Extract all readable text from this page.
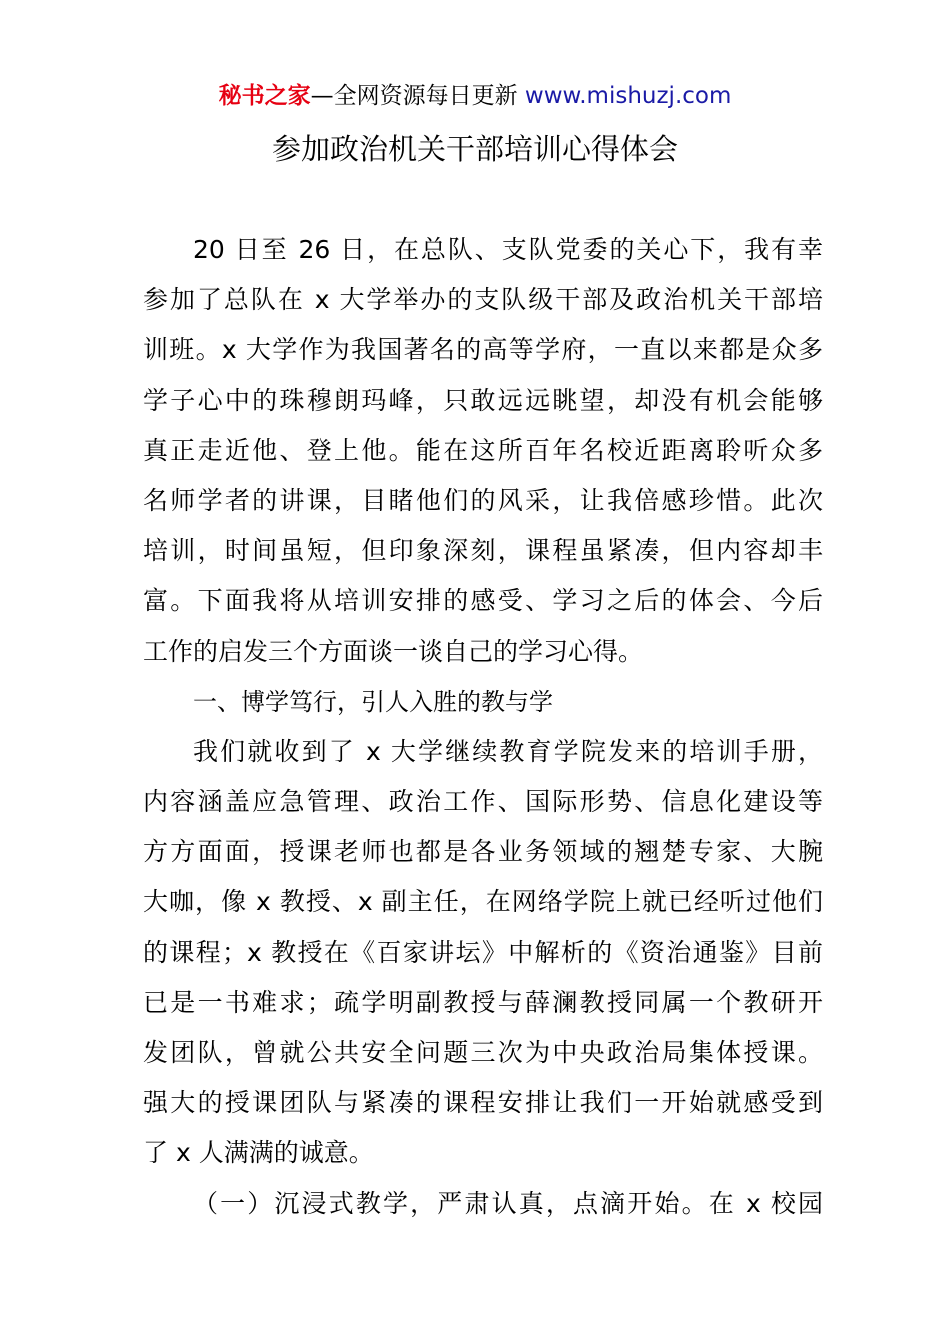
秘书之家—全网资源每日更新 www.mishuzj.com
参加政治机关干部培训心得体会
20 日至 26 日，在总队、支队党委的关心下，我有幸
参加了总队在 x 大学举办的支队级干部及政治机关干部培
训班。x 大学作为我国著名的高等学府，一直以来都是众多
学子心中的珠穆朗玛峰，只敢远远眺望，却没有机会能够
真正走近他、登上他。能在这所百年名校近距离聆听众多
名师学者的讲课，目睹他们的风采，让我倍感珍惜。此次
培训，时间虽短，但印象深刻，课程虽紧凑，但内容却丰
富。下面我将从培训安排的感受、学习之后的体会、今后
工作的启发三个方面谈一谈自己的学习心得。
一、博学笃行，引人入胜的教与学
我们就收到了 x 大学继续教育学院发来的培训手册，
内容涵盖应急管理、政治工作、国际形势、信息化建设等
方方面面，授课老师也都是各业务领域的翘楚专家、大腕
大咖，像 x 教授、x 副主任，在网络学院上就已经听过他们
的课程；x 教授在《百家讲坛》中解析的《资治通鉴》目前
已是一书难求；疏学明副教授与薛澜教授同属一个教研开
发团队，曾就公共安全问题三次为中央政治局集体授课。
强大的授课团队与紧凑的课程安排让我们一开始就感受到
了 x 人满满的诚意。
（一）沉浸式教学，严肃认真，点滴开始。在 x 校园
